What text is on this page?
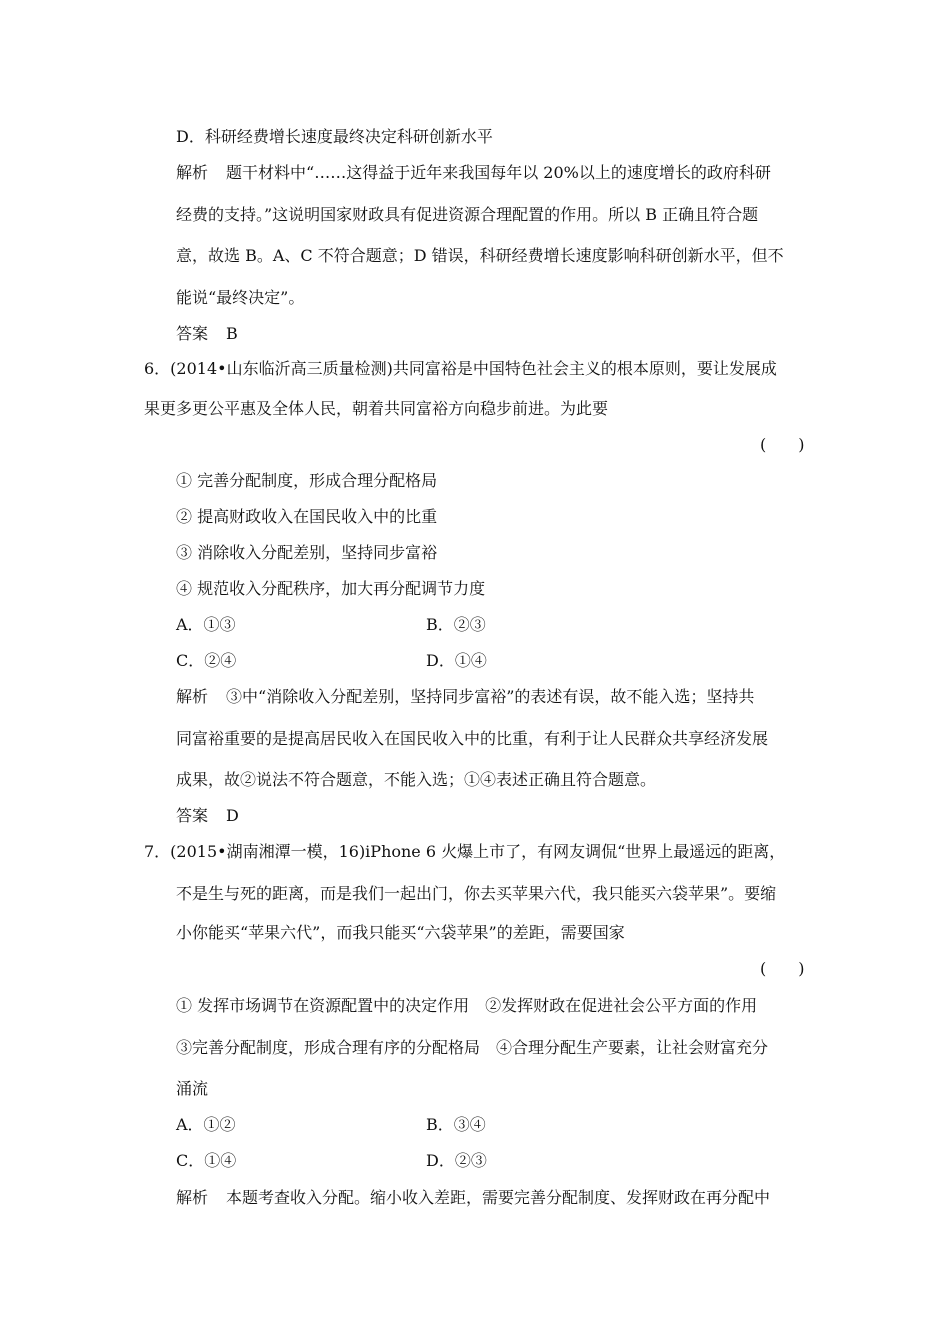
D．科研经费增长速度最终决定科研创新水平
解析 题干材料中“……这得益于近年来我国每年以 20%以上的速度增长的政府科研
经费的支持。”这说明国家财政具有促进资源合理配置的作用。所以 B 正确且符合题
意，故选 B。A、C 不符合题意；D 错误，科研经费增长速度影响科研创新水平，但不
能说“最终决定”。
答案 B
6．(2014•山东临沂高三质量检测)共同富裕是中国特色社会主义的根本原则，要让发展成
果更多更公平惠及全体人民，朝着共同富裕方向稳步前进。为此要
(　　)
① 完善分配制度，形成合理分配格局
② 提高财政收入在国民收入中的比重
③ 消除收入分配差别，坚持同步富裕
④ 规范收入分配秩序，加大再分配调节力度
A．①③	B．②③
C．②④	D．①④
解析 ③中“消除收入分配差别，坚持同步富裕”的表述有误，故不能入选；坚持共
同富裕重要的是提高居民收入在国民收入中的比重，有利于让人民群众共享经济发展
成果，故②说法不符合题意，不能入选；①④表述正确且符合题意。
答案 D
7．(2015•湖南湘潭一模，16)iPhone 6 火爆上市了，有网友调侃“世界上最遥远的距离，
不是生与死的距离，而是我们一起出门，你去买苹果六代，我只能买六袋苹果”。要缩
小你能买“苹果六代”，而我只能买“六袋苹果”的差距，需要国家
(　　)
① 发挥市场调节在资源配置中的决定作用　②发挥财政在促进社会公平方面的作用
③完善分配制度，形成合理有序的分配格局　④合理分配生产要素，让社会财富充分
涌流
A．①②	B．③④
C．①④	D．②③
解析 本题考查收入分配。缩小收入差距，需要完善分配制度、发挥财政在再分配中
